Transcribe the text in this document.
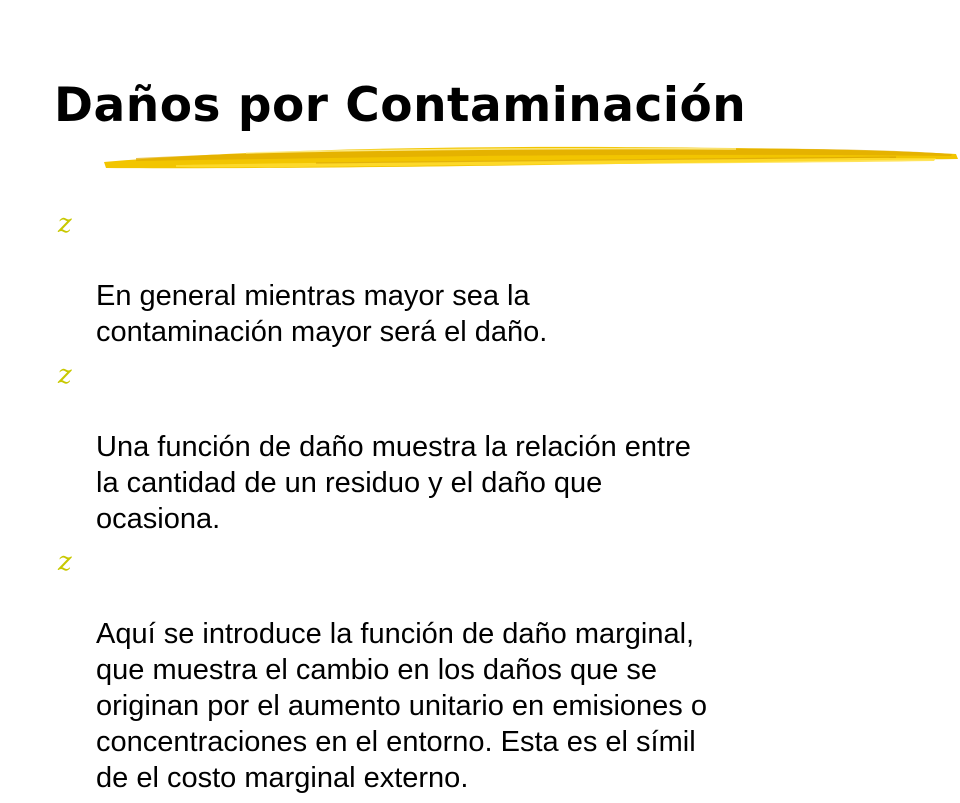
Daños por Contaminación

z

En general mientras mayor sea la
contaminación mayor será el daño.

z

Una función de daño muestra la relación entre
la cantidad de un residuo y el daño que
ocasiona.

z

Aquí se introduce la función de daño marginal,
que muestra el cambio en los daños que se
originan por el aumento unitario en emisiones o
concentraciones en el entorno. Esta es el símil
de el costo marginal externo.
